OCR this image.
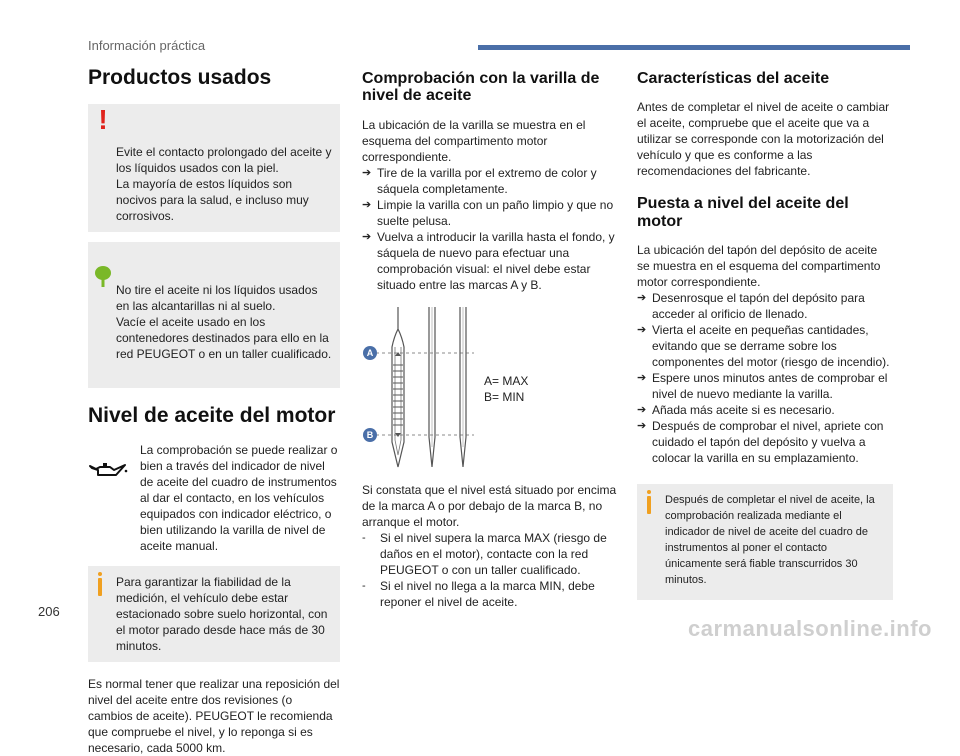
Información práctica
Productos usados

!

Evite el contacto prolongado del aceite y los líquidos usados con la piel.
La mayoría de estos líquidos son nocivos para la salud, e incluso muy corrosivos.

No tire el aceite ni los líquidos usados en las alcantarillas ni al suelo.
Vacíe el aceite usado en los contenedores destinados para ello en la red PEUGEOT o en un taller cualificado.

Nivel de aceite del motor

La comprobación se puede realizar o bien a través del indicador de nivel de aceite del cuadro de instrumentos al dar el contacto, en los vehículos equipados con indicador eléctrico, o bien utilizando la varilla de nivel de aceite manual.

Para garantizar la fiabilidad de la medición, el vehículo debe estar estacionado sobre suelo horizontal, con el motor parado desde hace más de 30 minutos.

Es normal tener que realizar una reposición del nivel del aceite entre dos revisiones (o cambios de aceite). PEUGEOT le recomienda que compruebe el nivel, y lo reponga si es necesario, cada 5000 km.

Comprobación con la varilla de nivel de aceite

La ubicación de la varilla se muestra en el esquema del compartimento motor correspondiente.

➔ Tire de la varilla por el extremo de color y sáquela completamente.
➔ Limpie la varilla con un paño limpio y que no suelte pelusa.
➔ Vuelva a introducir la varilla hasta el fondo, y sáquela de nuevo para efectuar una comprobación visual: el nivel debe estar situado entre las marcas A y B.
A
B
A= MAX
B= MIN

Si constata que el nivel está situado por encima de la marca A o por debajo de la marca B, no arranque el motor.

- Si el nivel supera la marca MAX (riesgo de daños en el motor), contacte con la red PEUGEOT o con un taller cualificado.
- Si el nivel no llega a la marca MIN, debe reponer el nivel de aceite.
Características del aceite

Antes de completar el nivel de aceite o cambiar el aceite, compruebe que el aceite que va a utilizar se corresponde con la motorización del vehículo y que es conforme a las recomendaciones del fabricante.

Puesta a nivel del aceite del motor

La ubicación del tapón del depósito de aceite se muestra en el esquema del compartimento motor correspondiente.

➔ Desenrosque el tapón del depósito para acceder al orificio de llenado.
➔ Vierta el aceite en pequeñas cantidades, evitando que se derrame sobre los componentes del motor (riesgo de incendio).
➔ Espere unos minutos antes de comprobar el nivel de nuevo mediante la varilla.
➔ Añada más aceite si es necesario.
➔ Después de comprobar el nivel, apriete con cuidado el tapón del depósito y vuelva a colocar la varilla en su emplazamiento.
Después de completar el nivel de aceite, la comprobación realizada mediante el indicador de nivel de aceite del cuadro de instrumentos al poner el contacto únicamente será fiable transcurridos 30 minutos.
206
carmanualsonline.info
